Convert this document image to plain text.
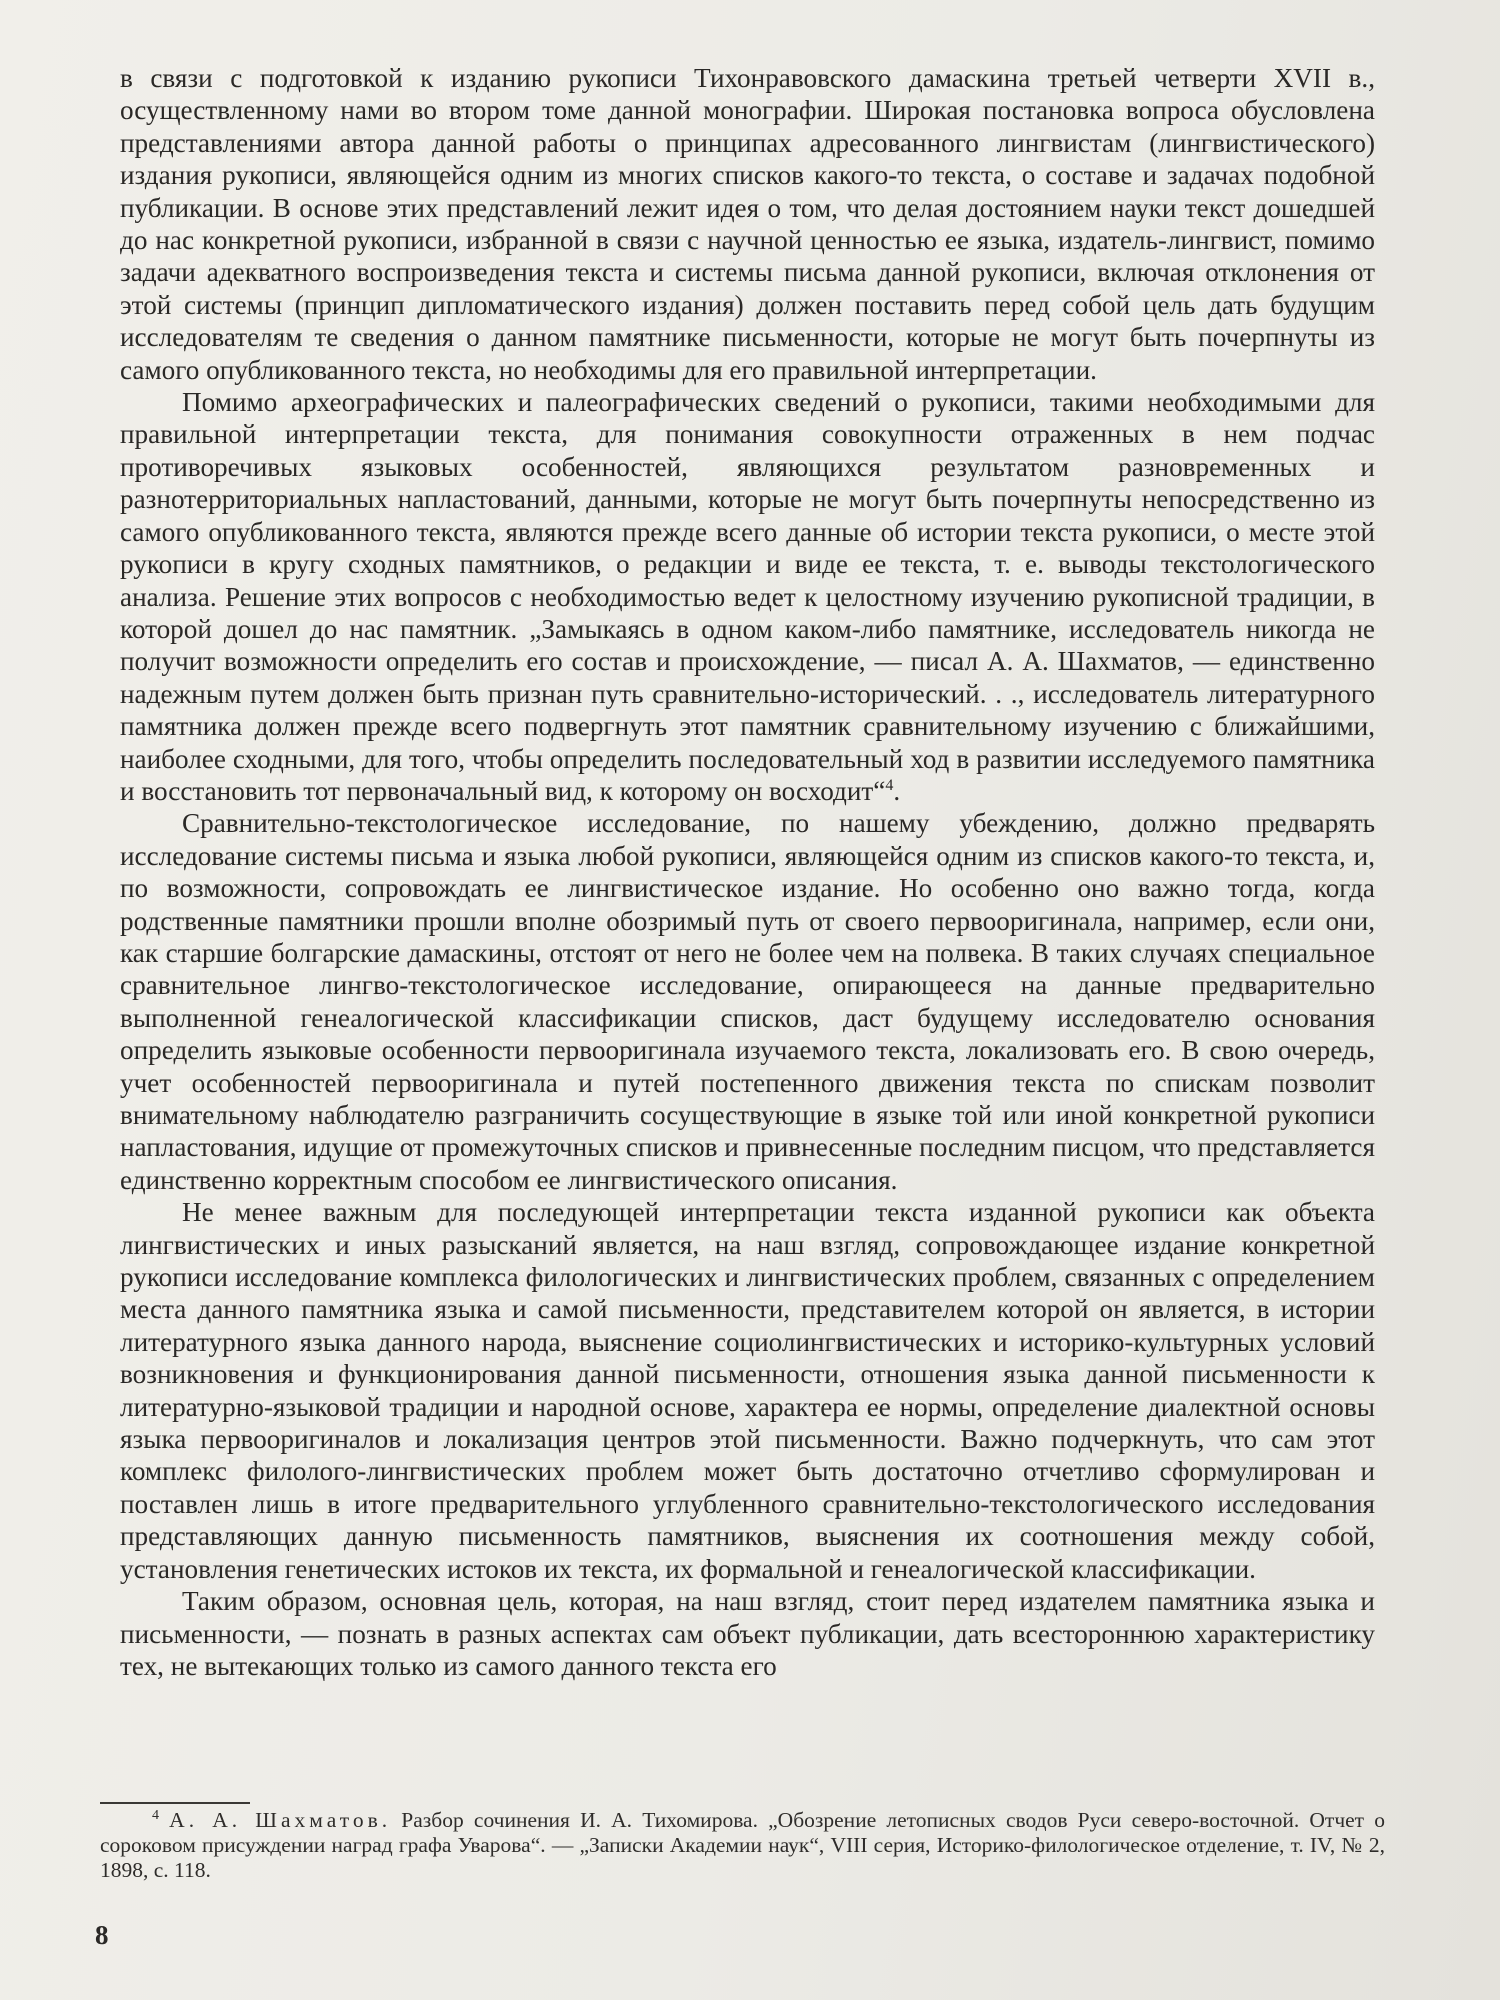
в связи с подготовкой к изданию рукописи Тихонравовского дамаскина третьей четверти XVII в., осуществленному нами во втором томе данной монографии. Широкая постановка вопроса обусловлена представлениями автора данной работы о принципах адресованного лингвистам (лингвистического) издания рукописи, являющейся одним из многих списков какого-то текста, о составе и задачах подобной публикации. В основе этих представлений лежит идея о том, что делая достоянием науки текст дошедшей до нас конкретной рукописи, избранной в связи с научной ценностью ее языка, издатель-лингвист, помимо задачи адекватного воспроизведения текста и системы письма данной рукописи, включая отклонения от этой системы (принцип дипломатического издания) должен поставить перед собой цель дать будущим исследователям те сведения о данном памятнике письменности, которые не могут быть почерпнуты из самого опубликованного текста, но необходимы для его правильной интерпретации.

Помимо археографических и палеографических сведений о рукописи, такими необходимыми для правильной интерпретации текста, для понимания совокупности отраженных в нем подчас противоречивых языковых особенностей, являющихся результатом разновременных и разнотерриториальных напластований, данными, которые не могут быть почерпнуты непосредственно из самого опубликованного текста, являются прежде всего данные об истории текста рукописи, о месте этой рукописи в кругу сходных памятников, о редакции и виде ее текста, т. е. выводы текстологического анализа. Решение этих вопросов с необходимостью ведет к целостному изучению рукописной традиции, в которой дошел до нас памятник. „Замыкаясь в одном каком-либо памятнике, исследователь никогда не получит возможности определить его состав и происхождение, — писал А. А. Шахматов, — единственно надежным путем должен быть признан путь сравнительно-исторический. . ., исследователь литературного памятника должен прежде всего подвергнуть этот памятник сравнительному изучению с ближайшими, наиболее сходными, для того, чтобы определить последовательный ход в развитии исследуемого памятника и восстановить тот первоначальный вид, к которому он восходит“$^4$.

Сравнительно-текстологическое исследование, по нашему убеждению, должно предварять исследование системы письма и языка любой рукописи, являющейся одним из списков какого-то текста, и, по возможности, сопровождать ее лингвистическое издание. Но особенно оно важно тогда, когда родственные памятники прошли вполне обозримый путь от своего первооригинала, например, если они, как старшие болгарские дамаскины, отстоят от него не более чем на полвека. В таких случаях специальное сравнительное лингво-текстологическое исследование, опирающееся на данные предварительно выполненной генеалогической классификации списков, даст будущему исследователю основания определить языковые особенности первооригинала изучаемого текста, локализовать его. В свою очередь, учет особенностей первооригинала и путей постепенного движения текста по спискам позволит внимательному наблюдателю разграничить сосуществующие в языке той или иной конкретной рукописи напластования, идущие от промежуточных списков и привнесенные последним писцом, что представляется единственно корректным способом ее лингвистического описания.

Не менее важным для последующей интерпретации текста изданной рукописи как объекта лингвистических и иных разысканий является, на наш взгляд, сопровождающее издание конкретной рукописи исследование комплекса филологических и лингвистических проблем, связанных с определением места данного памятника языка и самой письменности, представителем которой он является, в истории литературного языка данного народа, выяснение социолингвистических и историко-культурных условий возникновения и функционирования данной письменности, отношения языка данной письменности к литературно-языковой традиции и народной основе, характера ее нормы, определение диалектной основы языка первооригиналов и локализация центров этой письменности. Важно подчеркнуть, что сам этот комплекс филолого-лингвистических проблем может быть достаточно отчетливо сформулирован и поставлен лишь в итоге предварительного углубленного сравнительно-текстологического исследования представляющих данную письменность памятников, выяснения их соотношения между собой, установления генетических истоков их текста, их формальной и генеалогической классификации.

Таким образом, основная цель, которая, на наш взгляд, стоит перед издателем памятника языка и письменности, — познать в разных аспектах сам объект публикации, дать всестороннюю характеристику тех, не вытекающих только из самого данного текста его

$^4$ А. А. Шахматов. Разбор сочинения И. А. Тихомирова. „Обозрение летописных сводов Руси северо-восточной. Отчет о сороковом присуждении наград графа Уварова“. — „Записки Академии наук“, VIII серия, Историко-филологическое отделение, т. IV, № 2, 1898, с. 118.
8
